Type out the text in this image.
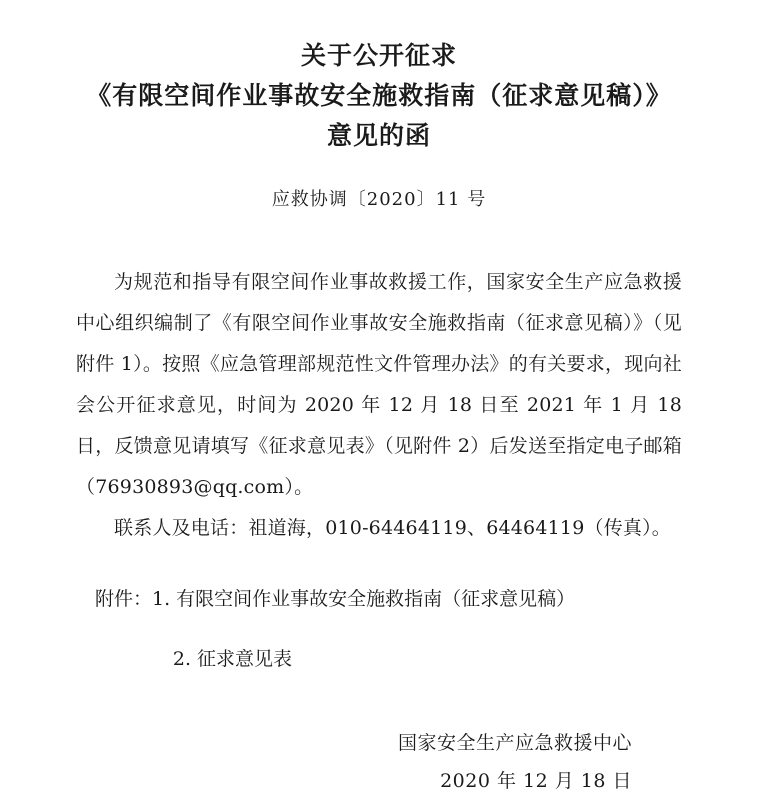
关于公开征求
《有限空间作业事故安全施救指南（征求意见稿）》
意见的函
应救协调〔2020〕11 号

为规范和指导有限空间作业事故救援工作，国家安全生产应急救援中心组织编制了《有限空间作业事故安全施救指南（征求意见稿）》（见附件 1）。按照《应急管理部规范性文件管理办法》的有关要求，现向社会公开征求意见，时间为 2020 年 12 月 18 日至 2021 年 1 月 18 日，反馈意见请填写《征求意见表》（见附件 2）后发送至指定电子邮箱（76930893@qq.com）。

联系人及电话：祖道海，010-64464119、64464119（传真）。

附件：1. 有限空间作业事故安全施救指南（征求意见稿）

2. 征求意见表

国家安全生产应急救援中心
2020 年 12 月 18 日
